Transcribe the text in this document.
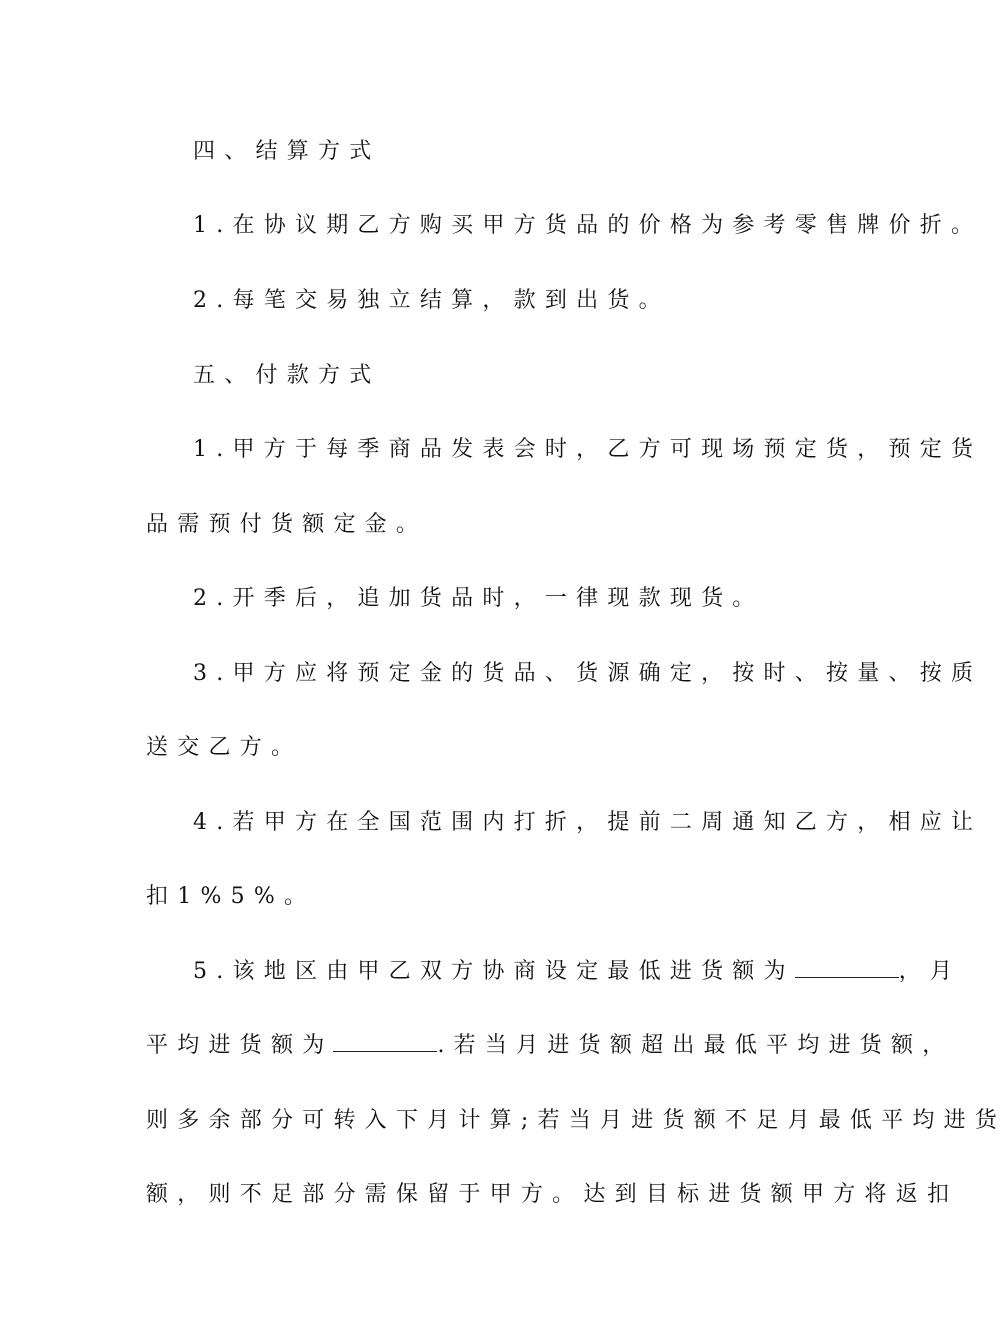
四、结算方式
1.在协议期乙方购买甲方货品的价格为参考零售牌价折。
2.每笔交易独立结算，款到出货。
五、付款方式
1.甲方于每季商品发表会时，乙方可现场预定货，预定货
品需预付货额定金。
2.开季后，追加货品时，一律现款现货。
3.甲方应将预定金的货品、货源确定，按时、按量、按质
送交乙方。
4.若甲方在全国范围内打折，提前二周通知乙方，相应让
扣1%5%。
5.该地区由甲乙双方协商设定最低进货额为	，月
平均进货额为	.若当月进货额超出最低平均进货额，
则多余部分可转入下月计算;若当月进货额不足月最低平均进货
额，则不足部分需保留于甲方。达到目标进货额甲方将返扣
